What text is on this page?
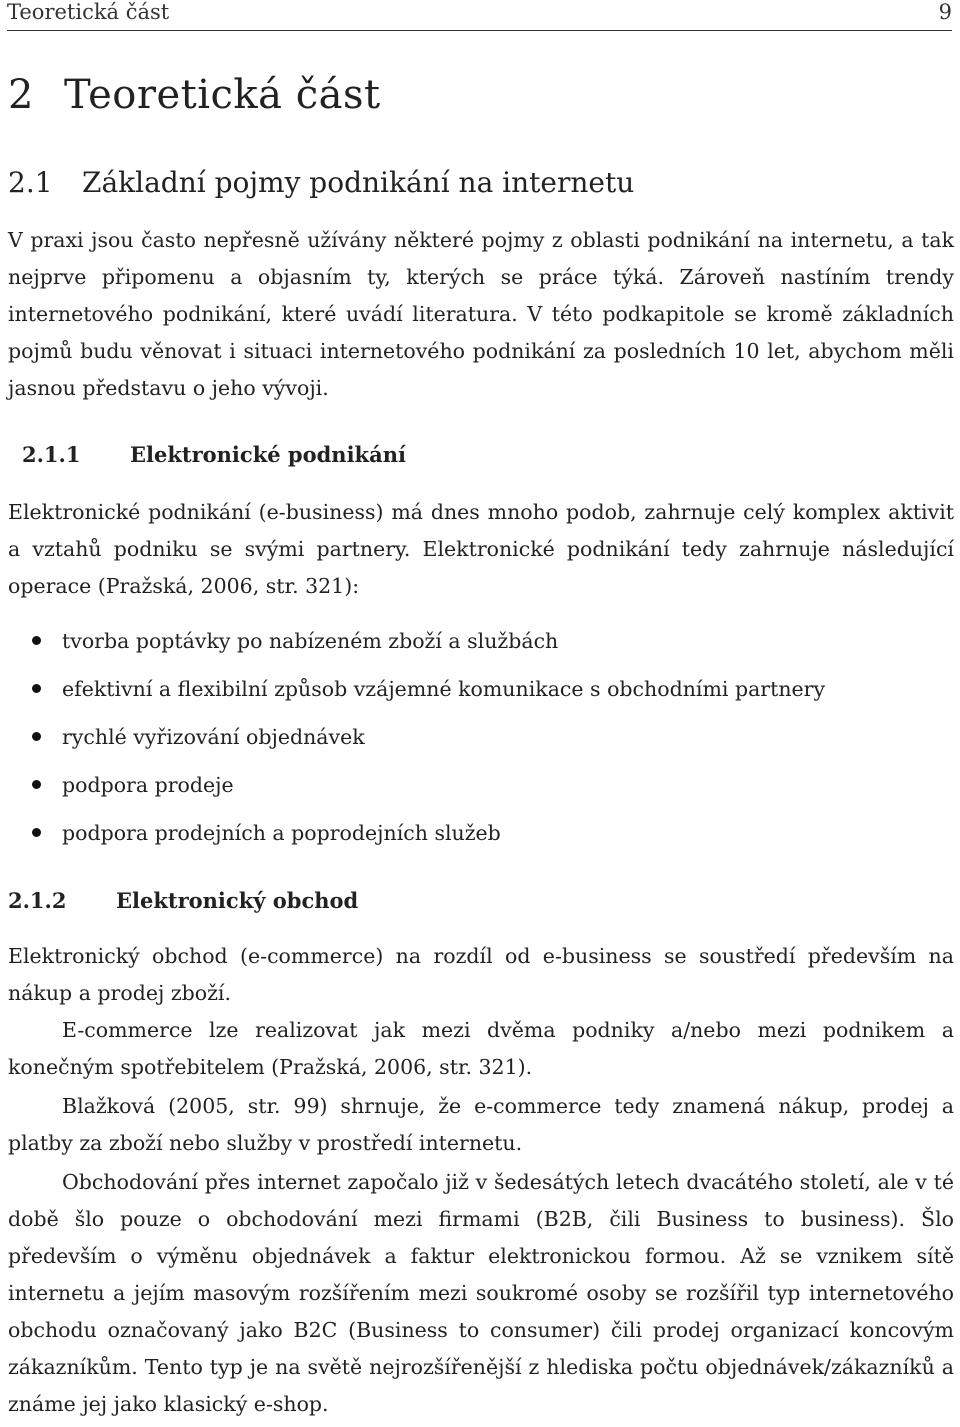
Teoretická část	9
2 Teoretická část
2.1 Základní pojmy podnikání na internetu

V praxi jsou často nepřesně užívány některé pojmy z oblasti podnikání na internetu, a tak nejprve připomenu a objasním ty, kterých se práce týká. Zároveň nastíním trendy internetového podnikání, které uvádí literatura. V této podkapitole se kromě základních pojmů budu věnovat i situaci internetového podnikání za posledních 10 let, abychom měli jasnou představu o jeho vývoji.

2.1.1 Elektronické podnikání

Elektronické podnikání (e-business) má dnes mnoho podob, zahrnuje celý komplex aktivit a vztahů podniku se svými partnery. Elektronické podnikání tedy zahrnuje následující operace (Pražská, 2006, str. 321):

tvorba poptávky po nabízeném zboží a službách
efektivní a flexibilní způsob vzájemné komunikace s obchodními partnery
rychlé vyřizování objednávek
podpora prodeje
podpora prodejních a poprodejních služeb
2.1.2 Elektronický obchod

Elektronický obchod (e-commerce) na rozdíl od e-business se soustředí především na nákup a prodej zboží.

E-commerce lze realizovat jak mezi dvěma podniky a/nebo mezi podnikem a konečným spotřebitelem (Pražská, 2006, str. 321).

Blažková (2005, str. 99) shrnuje, že e-commerce tedy znamená nákup, prodej a platby za zboží nebo služby v prostředí internetu.

Obchodování přes internet započalo již v šedesátých letech dvacátého století, ale v té době šlo pouze o obchodování mezi firmami (B2B, čili Business to business). Šlo především o výměnu objednávek a faktur elektronickou formou. Až se vznikem sítě internetu a jejím masovým rozšířením mezi soukromé osoby se rozšířil typ internetového obchodu označovaný jako B2C (Business to consumer) čili prodej organizací koncovým zákazníkům. Tento typ je na světě nejrozšířenější z hlediska počtu objednávek/zákazníků a známe jej jako klasický e-shop.
